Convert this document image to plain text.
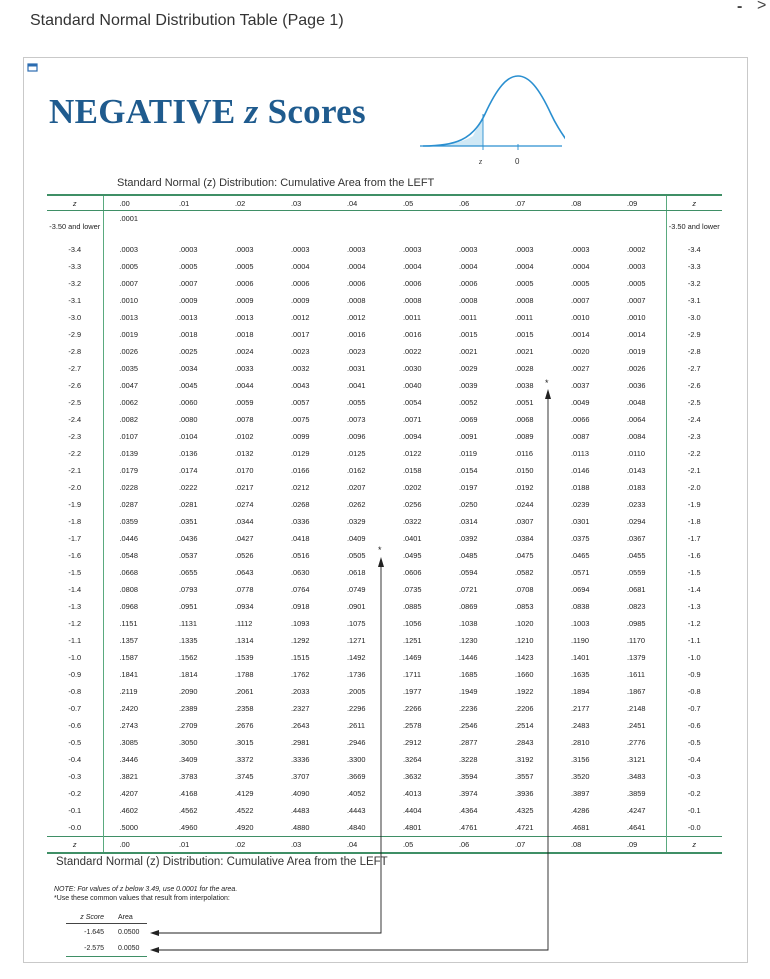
Standard Normal Distribution Table (Page 1)
- >
NEGATIVE z Scores
z	0
Standard Normal (z) Distribution: Cumulative Area from the LEFT
z	.00	.01	.02	.03	.04	.05	.06	.07	.08	.09	z
-3.50 and lower	.0001										-3.50 and lower
-3.4	.0003	.0003	.0003	.0003	.0003	.0003	.0003	.0003	.0003	.0002	-3.4
-3.3	.0005	.0005	.0005	.0004	.0004	.0004	.0004	.0004	.0004	.0003	-3.3
-3.2	.0007	.0007	.0006	.0006	.0006	.0006	.0006	.0005	.0005	.0005	-3.2
-3.1	.0010	.0009	.0009	.0009	.0008	.0008	.0008	.0008	.0007	.0007	-3.1
-3.0	.0013	.0013	.0013	.0012	.0012	.0011	.0011	.0011	.0010	.0010	-3.0
-2.9	.0019	.0018	.0018	.0017	.0016	.0016	.0015	.0015	.0014	.0014	-2.9
-2.8	.0026	.0025	.0024	.0023	.0023	.0022	.0021	.0021	.0020	.0019	-2.8
-2.7	.0035	.0034	.0033	.0032	.0031	.0030	.0029	.0028	.0027	.0026	-2.7
-2.6	.0047	.0045	.0044	.0043	.0041	.0040	.0039	.0038	.0037	.0036	-2.6
-2.5	.0062	.0060	.0059	.0057	.0055	.0054	.0052	.0051	.0049	.0048	-2.5
-2.4	.0082	.0080	.0078	.0075	.0073	.0071	.0069	.0068	.0066	.0064	-2.4
-2.3	.0107	.0104	.0102	.0099	.0096	.0094	.0091	.0089	.0087	.0084	-2.3
-2.2	.0139	.0136	.0132	.0129	.0125	.0122	.0119	.0116	.0113	.0110	-2.2
-2.1	.0179	.0174	.0170	.0166	.0162	.0158	.0154	.0150	.0146	.0143	-2.1
-2.0	.0228	.0222	.0217	.0212	.0207	.0202	.0197	.0192	.0188	.0183	-2.0
-1.9	.0287	.0281	.0274	.0268	.0262	.0256	.0250	.0244	.0239	.0233	-1.9
-1.8	.0359	.0351	.0344	.0336	.0329	.0322	.0314	.0307	.0301	.0294	-1.8
-1.7	.0446	.0436	.0427	.0418	.0409	.0401	.0392	.0384	.0375	.0367	-1.7
-1.6	.0548	.0537	.0526	.0516	.0505	.0495	.0485	.0475	.0465	.0455	-1.6
-1.5	.0668	.0655	.0643	.0630	.0618	.0606	.0594	.0582	.0571	.0559	-1.5
-1.4	.0808	.0793	.0778	.0764	.0749	.0735	.0721	.0708	.0694	.0681	-1.4
-1.3	.0968	.0951	.0934	.0918	.0901	.0885	.0869	.0853	.0838	.0823	-1.3
-1.2	.1151	.1131	.1112	.1093	.1075	.1056	.1038	.1020	.1003	.0985	-1.2
-1.1	.1357	.1335	.1314	.1292	.1271	.1251	.1230	.1210	.1190	.1170	-1.1
-1.0	.1587	.1562	.1539	.1515	.1492	.1469	.1446	.1423	.1401	.1379	-1.0
-0.9	.1841	.1814	.1788	.1762	.1736	.1711	.1685	.1660	.1635	.1611	-0.9
-0.8	.2119	.2090	.2061	.2033	.2005	.1977	.1949	.1922	.1894	.1867	-0.8
-0.7	.2420	.2389	.2358	.2327	.2296	.2266	.2236	.2206	.2177	.2148	-0.7
-0.6	.2743	.2709	.2676	.2643	.2611	.2578	.2546	.2514	.2483	.2451	-0.6
-0.5	.3085	.3050	.3015	.2981	.2946	.2912	.2877	.2843	.2810	.2776	-0.5
-0.4	.3446	.3409	.3372	.3336	.3300	.3264	.3228	.3192	.3156	.3121	-0.4
-0.3	.3821	.3783	.3745	.3707	.3669	.3632	.3594	.3557	.3520	.3483	-0.3
-0.2	.4207	.4168	.4129	.4090	.4052	.4013	.3974	.3936	.3897	.3859	-0.2
-0.1	.4602	.4562	.4522	.4483	.4443	.4404	.4364	.4325	.4286	.4247	-0.1
-0.0	.5000	.4960	.4920	.4880	.4840	.4801	.4761	.4721	.4681	.4641	-0.0
z	.00	.01	.02	.03	.04	.05	.06	.07	.08	.09	z
Standard Normal (z) Distribution: Cumulative Area from the LEFT
NOTE: For values of z below 3.49, use 0.0001 for the area.
*Use these common values that result from interpolation:
z Score	Area
-1.645	0.0500
-2.575	0.0050
*
*
